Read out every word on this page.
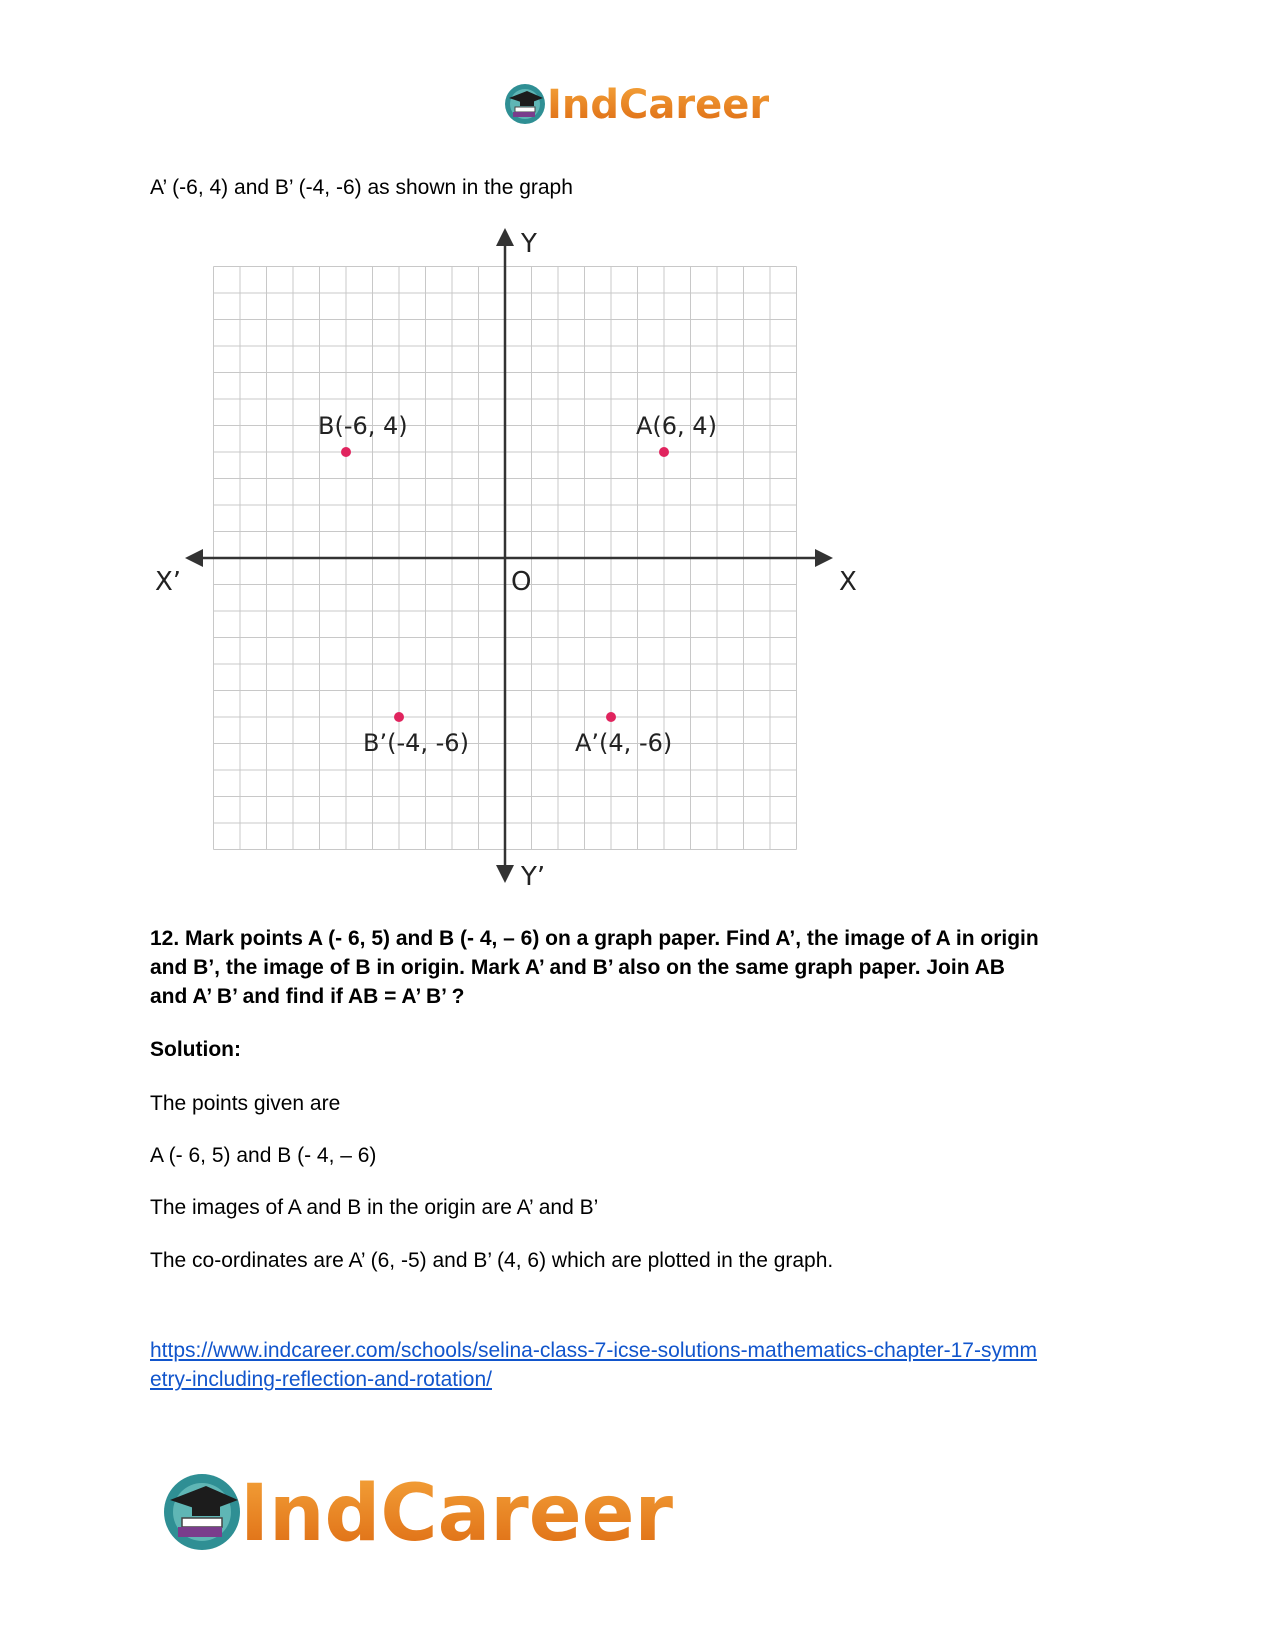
IndCareer
A’ (-6, 4) and B’ (-4, -6) as shown in the graph
Y
Y’
X
X’	O
B(-6, 4)	A(6, 4)
B’(-4, -6)	A’(4, -6)
12. Mark points A (- 6, 5) and B (- 4, – 6) on a graph paper. Find A’, the image of A in origin
and B’, the image of B in origin. Mark A’ and B’ also on the same graph paper. Join AB
and A’ B’ and find if AB = A’ B’ ?
Solution:
The points given are
A (- 6, 5) and B (- 4, – 6)
The images of A and B in the origin are A’ and B’
The co-ordinates are A’ (6, -5) and B’ (4, 6) which are plotted in the graph.
https://www.indcareer.com/schools/selina-class-7-icse-solutions-mathematics-chapter-17-symm
etry-including-reflection-and-rotation/
IndCareer
